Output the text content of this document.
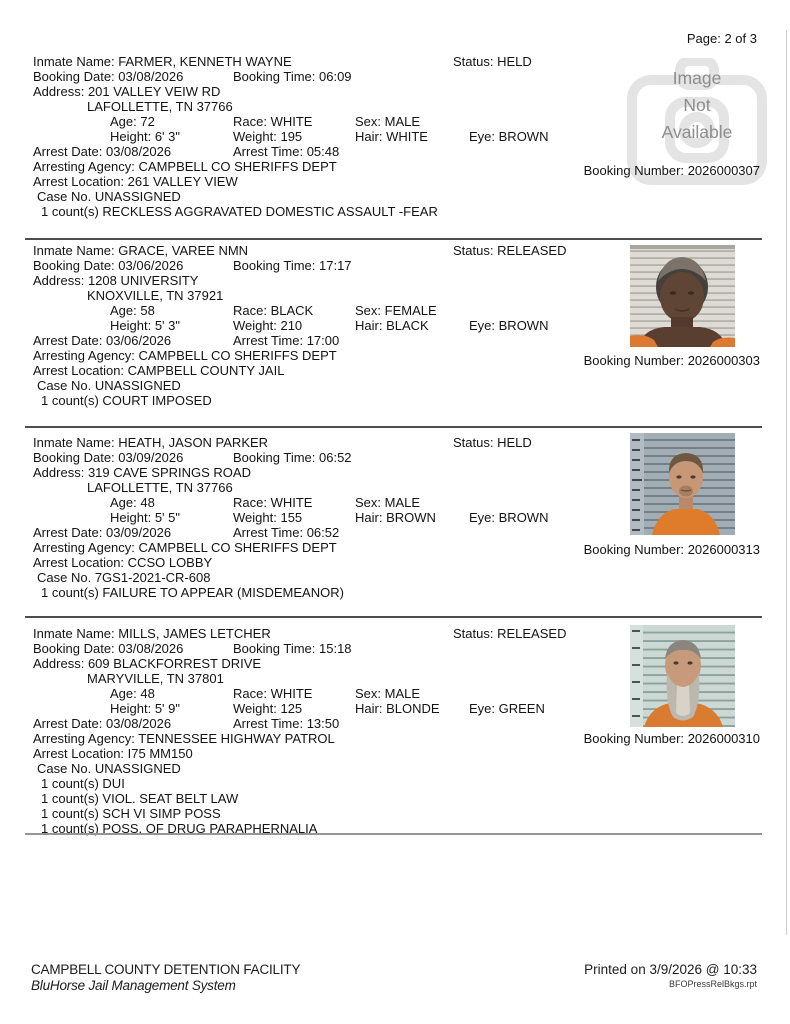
Page: 2 of 3
Inmate Name: FARMER, KENNETH WAYNE	Status: HELD
Booking Date: 03/08/2026	Booking Time: 06:09
Address: 201 VALLEY VEIW RD
LAFOLLETTE, TN 37766
Age: 72	Race: WHITE	Sex: MALE
Height: 6' 3"	Weight: 195	Hair: WHITE	Eye: BROWN
Arrest Date: 03/08/2026	Arrest Time: 05:48
Arresting Agency: CAMPBELL CO SHERIFFS DEPT
Arrest Location: 261 VALLEY VIEW
Case No. UNASSIGNED
1 count(s) RECKLESS AGGRAVATED DOMESTIC ASSAULT -FEAR
Image
Not
Available
Booking Number: 2026000307
Inmate Name: GRACE, VAREE NMN	Status: RELEASED
Booking Date: 03/06/2026	Booking Time: 17:17
Address: 1208 UNIVERSITY
KNOXVILLE, TN 37921
Age: 58	Race: BLACK	Sex: FEMALE
Height: 5' 3"	Weight: 210	Hair: BLACK	Eye: BROWN
Arrest Date: 03/06/2026	Arrest Time: 17:00
Arresting Agency: CAMPBELL CO SHERIFFS DEPT
Arrest Location: CAMPBELL COUNTY JAIL
Case No. UNASSIGNED
1 count(s) COURT IMPOSED
Booking Number: 2026000303
Inmate Name: HEATH, JASON PARKER	Status: HELD
Booking Date: 03/09/2026	Booking Time: 06:52
Address: 319 CAVE SPRINGS ROAD
LAFOLLETTE, TN 37766
Age: 48	Race: WHITE	Sex: MALE
Height: 5' 5"	Weight: 155	Hair: BROWN	Eye: BROWN
Arrest Date: 03/09/2026	Arrest Time: 06:52
Arresting Agency: CAMPBELL CO SHERIFFS DEPT
Arrest Location: CCSO LOBBY
Case No. 7GS1-2021-CR-608
1 count(s) FAILURE TO APPEAR (MISDEMEANOR)
Booking Number: 2026000313
Inmate Name: MILLS, JAMES LETCHER	Status: RELEASED
Booking Date: 03/08/2026	Booking Time: 15:18
Address: 609 BLACKFORREST DRIVE
MARYVILLE, TN 37801
Age: 48	Race: WHITE	Sex: MALE
Height: 5' 9"	Weight: 125	Hair: BLONDE Eye: GREEN
Arrest Date: 03/08/2026	Arrest Time: 13:50
Arresting Agency: TENNESSEE HIGHWAY PATROL
Arrest Location: I75 MM150
Case No. UNASSIGNED
1 count(s) DUI
1 count(s) VIOL. SEAT BELT LAW
1 count(s) SCH VI SIMP POSS
1 count(s) POSS. OF DRUG PARAPHERNALIA
Booking Number: 2026000310
CAMPBELL COUNTY DETENTION FACILITY
BluHorse Jail Management System
Printed on 3/9/2026 @ 10:33
BFOPressRelBkgs.rpt
